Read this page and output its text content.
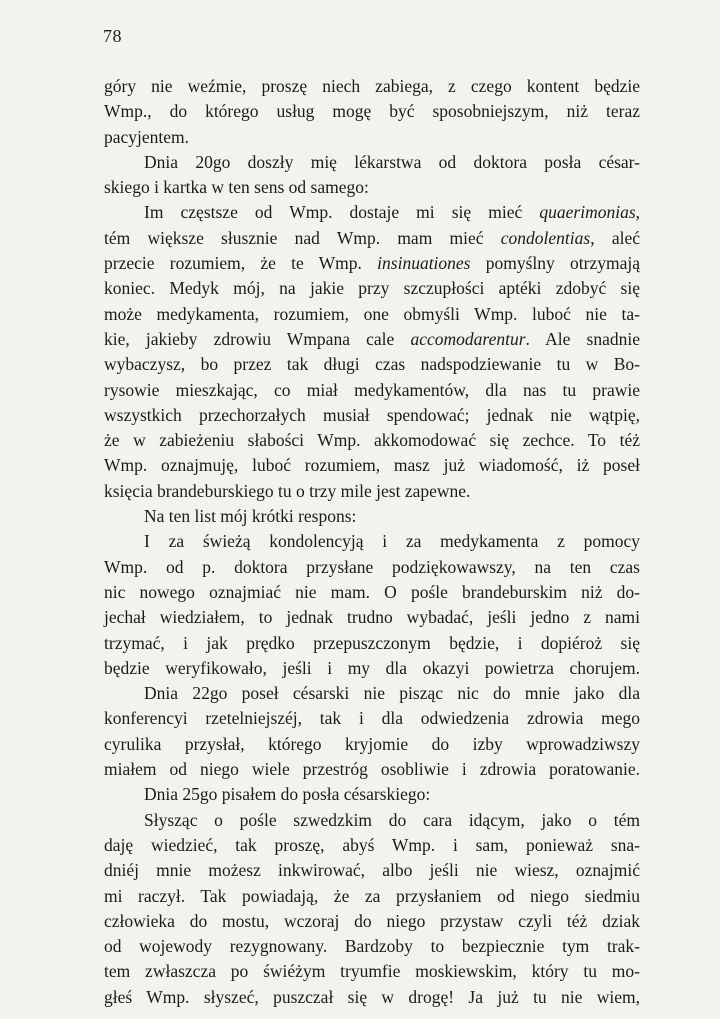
78
góry nie weźmie, proszę niech zabiega, z czego kontent będzie
Wmp., do którego usług mogę być sposobniejszym, niż teraz
pacyjentem.
Dnia 20go doszły mię lékarstwa od doktora posła césar-
skiego i kartka w ten sens od samego:
Im częstsze od Wmp. dostaje mi się mieć quaerimonias,
tém większe słusznie nad Wmp. mam mieć condolentias, aleć
przecie rozumiem, że te Wmp. insinuationes pomyślny otrzymają
koniec. Medyk mój, na jakie przy szczupłości aptéki zdobyć się
może medykamenta, rozumiem, one obmyśli Wmp. luboć nie ta-
kie, jakieby zdrowiu Wmpana cale accomodarentur. Ale snadnie
wybaczysz, bo przez tak długi czas nadspodziewanie tu w Bo-
rysowie mieszkając, co miał medykamentów, dla nas tu prawie
wszystkich przechorzałych musiał spendować; jednak nie wątpię,
że w zabieżeniu słabości Wmp. akkomodować się zechce. To téż
Wmp. oznajmuję, luboć rozumiem, masz już wiadomość, iż poseł
księcia brandeburskiego tu o trzy mile jest zapewne.
Na ten list mój krótki respons:
I za świeżą kondolencyją i za medykamenta z pomocy
Wmp. od p. doktora przysłane podziękowawszy, na ten czas
nic nowego oznajmiać nie mam. O pośle brandeburskim niż do-
jechał wiedziałem, to jednak trudno wybadać, jeśli jedno z nami
trzymać, i jak prędko przepuszczonym będzie, i dopiéroż się
będzie weryfikowało, jeśli i my dla okazyi powietrza chorujem.
Dnia 22go poseł césarski nie pisząc nic do mnie jako dla
konferencyi rzetelniejszéj, tak i dla odwiedzenia zdrowia mego
cyrulika przysłał, którego kryjomie do izby wprowadziwszy
miałem od niego wiele przestróg osobliwie i zdrowia poratowanie.
Dnia 25go pisałem do posła césarskiego:
Słysząc o pośle szwedzkim do cara idącym, jako o tém
daję wiedzieć, tak proszę, abyś Wmp. i sam, ponieważ sna-
dniéj mnie możesz inkwirować, albo jeśli nie wiesz, oznajmić
mi raczył. Tak powiadają, że za przysłaniem od niego siedmiu
człowieka do mostu, wczoraj do niego przystaw czyli téż dziak
od wojewody rezygnowany. Bardzoby to bezpiecznie tym trak-
tem zwłaszcza po świéżym tryumfie moskiewskim, który tu mo-
głeś Wmp. słyszeć, puszczał się w drogę! Ja już tu nie wiem,
